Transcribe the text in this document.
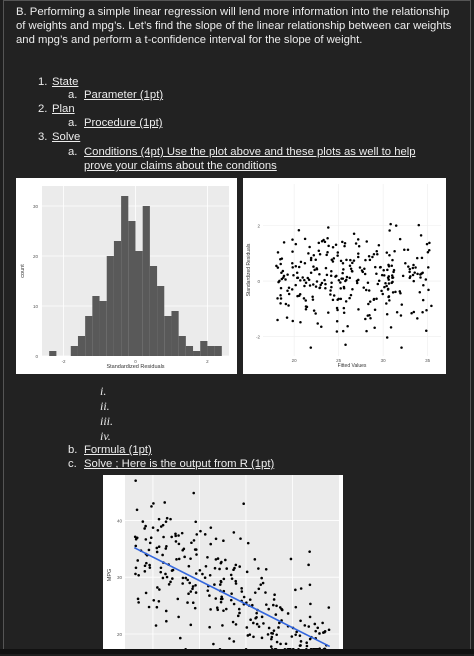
B. Performing a simple linear regression will lend more information into the relationship of weights and mpg’s. Let’s find the slope of the linear relationship between car weights and mpg’s and perform a t-confidence interval for the slope of weight.
1. State
a. Parameter (1pt)
2. Plan
a. Procedure (1pt)
3. Solve
a. Conditions (4pt) Use the plot above and these plots as well to help
prove your claims about the conditions
0
10
20
30
-2	0	2
Standardized Residuals
count
-2
0
2
20	25	30	35
Fitted Values
Standardized Residuals
i.
ii.
iii.
iv.
b. Formula (1pt)
c. Solve ; Here is the output from R (1pt)
20
30
40
MPG
